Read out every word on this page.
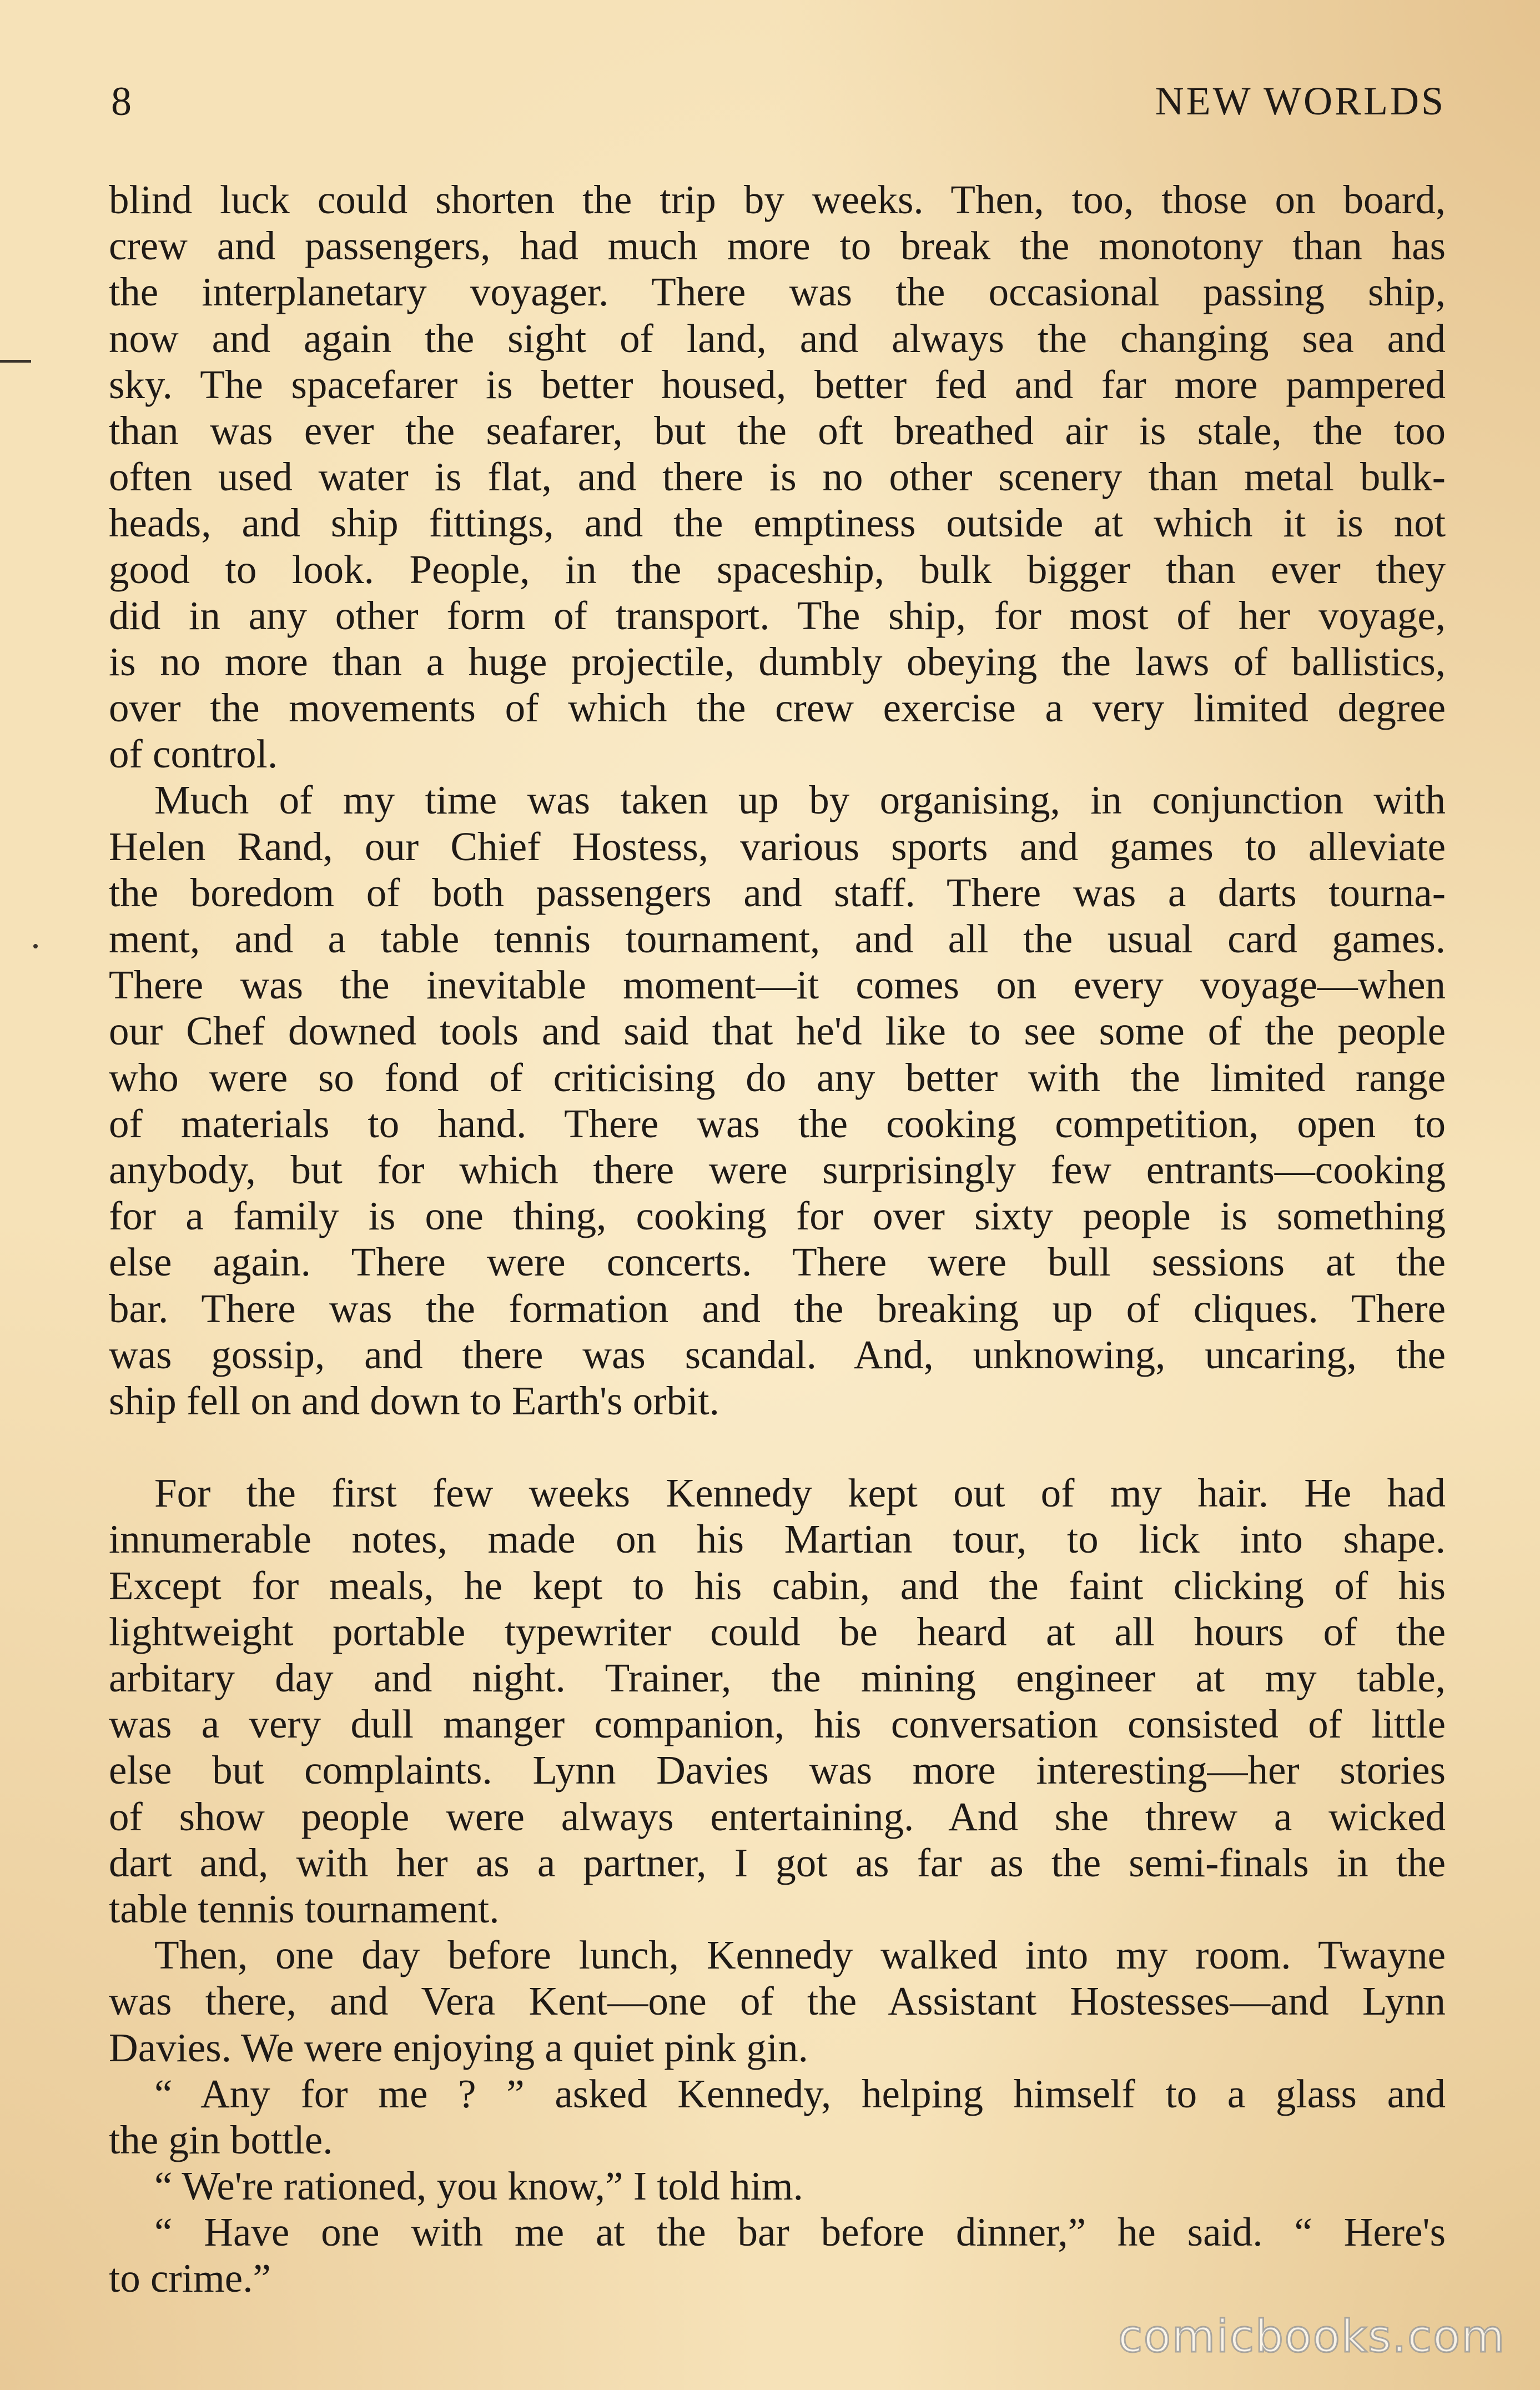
8	NEW WORLDS
blind luck could shorten the trip by weeks. Then, too, those on board,
crew and passengers, had much more to break the monotony than has
the interplanetary voyager. There was the occasional passing ship,
now and again the sight of land, and always the changing sea and
sky. The spacefarer is better housed, better fed and far more pampered
than was ever the seafarer, but the oft breathed air is stale, the too
often used water is flat, and there is no other scenery than metal bulk-
heads, and ship fittings, and the emptiness outside at which it is not
good to look. People, in the spaceship, bulk bigger than ever they
did in any other form of transport. The ship, for most of her voyage,
is no more than a huge projectile, dumbly obeying the laws of ballistics,
over the movements of which the crew exercise a very limited degree
of control.
Much of my time was taken up by organising, in conjunction with
Helen Rand, our Chief Hostess, various sports and games to alleviate
the boredom of both passengers and staff. There was a darts tourna-
ment, and a table tennis tournament, and all the usual card games.
There was the inevitable moment—it comes on every voyage—when
our Chef downed tools and said that he'd like to see some of the people
who were so fond of criticising do any better with the limited range
of materials to hand. There was the cooking competition, open to
anybody, but for which there were surprisingly few entrants—cooking
for a family is one thing, cooking for over sixty people is something
else again. There were concerts. There were bull sessions at the
bar. There was the formation and the breaking up of cliques. There
was gossip, and there was scandal. And, unknowing, uncaring, the
ship fell on and down to Earth's orbit.
For the first few weeks Kennedy kept out of my hair. He had
innumerable notes, made on his Martian tour, to lick into shape.
Except for meals, he kept to his cabin, and the faint clicking of his
lightweight portable typewriter could be heard at all hours of the
arbitary day and night. Trainer, the mining engineer at my table,
was a very dull manger companion, his conversation consisted of little
else but complaints. Lynn Davies was more interesting—her stories
of show people were always entertaining. And she threw a wicked
dart and, with her as a partner, I got as far as the semi-finals in the
table tennis tournament.
Then, one day before lunch, Kennedy walked into my room. Twayne
was there, and Vera Kent—one of the Assistant Hostesses—and Lynn
Davies. We were enjoying a quiet pink gin.
“ Any for me ? ” asked Kennedy, helping himself to a glass and
the gin bottle.
“ We're rationed, you know,” I told him.
“ Have one with me at the bar before dinner,” he said. “ Here's
to crime.”
comicbooks.com
